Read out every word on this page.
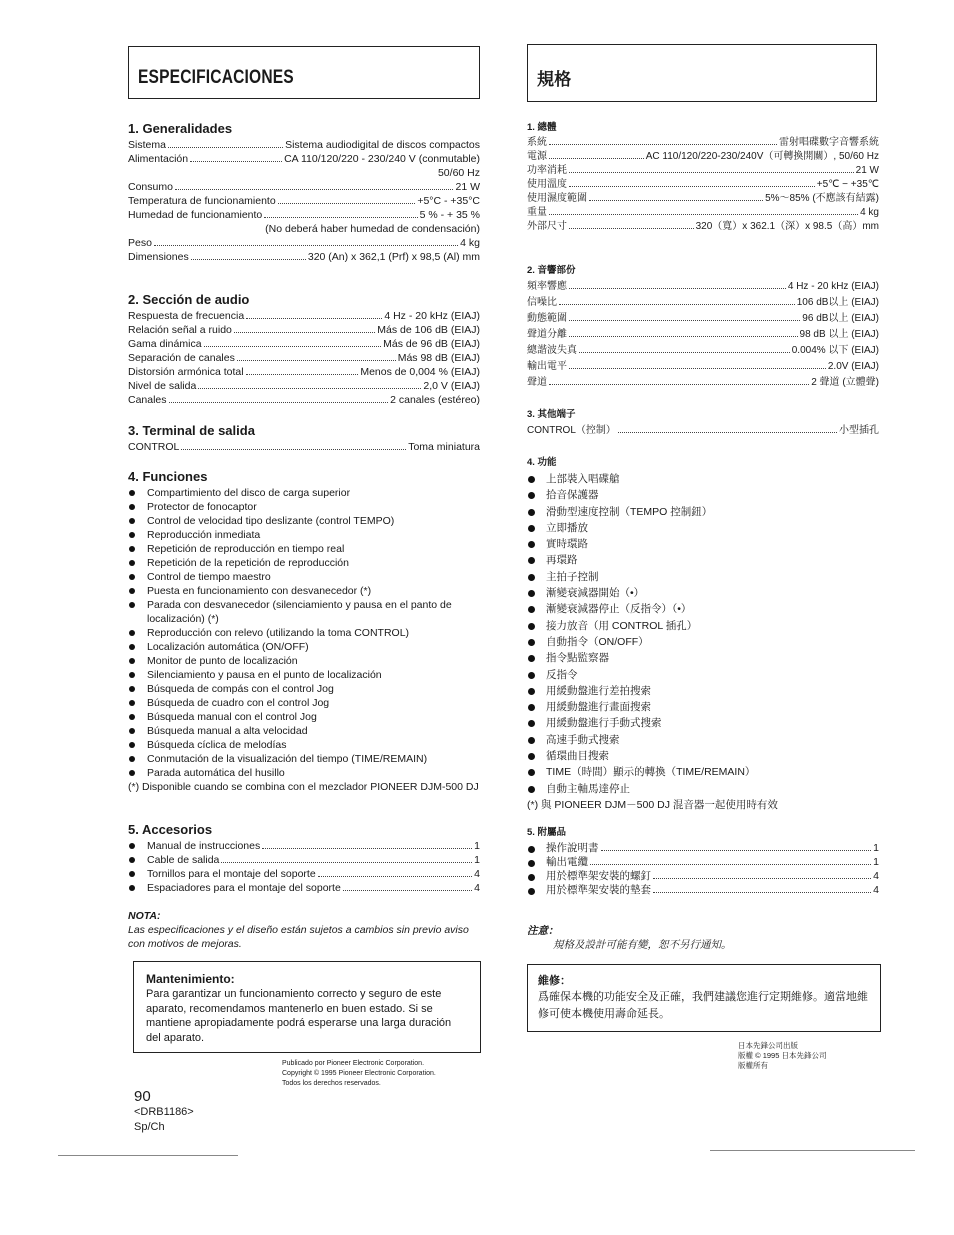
ESPECIFICACIONES
1. Generalidades
Sistema	Sistema audiodigital de discos compactos
Alimentación	CA 110/120/220 - 230/240 V (conmutable)
50/60 Hz
Consumo	21 W
Temperatura de funcionamiento	+5°C - +35°C
Humedad de funcionamiento	5 % - + 35 %
(No deberá haber humedad de condensación)
Peso	4 kg
Dimensiones	320 (An) x 362,1 (Prf) x 98,5 (Al) mm
2. Sección de audio
Respuesta de frecuencia	4 Hz - 20 kHz (EIAJ)
Relación señal a ruido	Más de 106 dB (EIAJ)
Gama dinámica	Más de 96 dB (EIAJ)
Separación de canales	Más 98 dB (EIAJ)
Distorsión armónica total	Menos de 0,004 % (EIAJ)
Nivel de salida	2,0 V (EIAJ)
Canales	2 canales (estéreo)
3. Terminal de salida
CONTROL	Toma miniatura
4. Funciones
Compartimiento del disco de carga superior
Protector de fonocaptor
Control de velocidad tipo deslizante (control TEMPO)
Reproducción inmediata
Repetición de reproducción en tiempo real
Repetición de la repetición de reproducción
Control de tiempo maestro
Puesta en funcionamiento con desvanecedor (*)
Parada con desvanecedor (silenciamiento y pausa en el panto de localización) (*)
Reproducción con relevo (utilizando la toma CONTROL)
Localización automática (ON/OFF)
Monitor de punto de localización
Silenciamiento y pausa en el punto de localización
Búsqueda de compás con el control Jog
Búsqueda de cuadro con el control Jog
Búsqueda manual con el control Jog
Búsqueda manual a alta velocidad
Búsqueda cíclica de melodías
Conmutación de la visualización del tiempo (TIME/REMAIN)
Parada automática del husillo
(*) Disponible cuando se combina con el mezclador PIONEER DJM-500 DJ
5. Accesorios
Manual de instrucciones	1
Cable de salida	1
Tornillos para el montaje del soporte	4
Espaciadores para el montaje del soporte	4
NOTA:
Las especificaciones y el diseño están sujetos a cambios sin previo aviso con motivos de mejoras.
Mantenimiento:
Para garantizar un funcionamiento correcto y seguro de este aparato, recomendamos mantenerlo en buen estado. Si se mantiene apropiadamente podrá esperarse una larga duración del aparato.
Publicado por Pioneer Electronic Corporation.
Copyright © 1995 Pioneer Electronic Corporation.
Todos los derechos reservados.
90
<DRB1186>
Sp/Ch
規格
1. 總體
系統	雷射唱碟數字音響系統
電源	AC 110/120/220-230/240V（可轉換開關）, 50/60 Hz
功率消耗	21 W
使用溫度	+5℃ − +35℃
使用濕度範圍	5%〜85% (不應該有結露)
重量	4 kg
外部尺寸	320（寬）x 362.1（深）x 98.5（高）mm
2. 音響部份
頻率響應	4 Hz - 20 kHz (EIAJ)
信噪比	106 dB以上 (EIAJ)
動態範圍	96 dB以上 (EIAJ)
聲道分離	98 dB 以上 (EIAJ)
總諧波失真	0.004% 以下 (EIAJ)
輸出電平	2.0V (EIAJ)
聲道	2 聲道 (立體聲)
3. 其他端子
CONTROL（控制）	小型插孔
4. 功能
上部裝入唱碟艙
拾音保護器
滑動型速度控制（TEMPO 控制鈕）
立即播放
實時環路
再環路
主拍子控制
漸變衰減器開始（•）
漸變衰減器停止（反指令）（•）
接力放音（用 CONTROL 插孔）
自動指令（ON/OFF）
指令點監察器
反指令
用緩動盤進行差拍搜索
用緩動盤進行畫面搜索
用緩動盤進行手動式搜索
高速手動式搜索
循環曲目搜索
TIME（時間）顯示的轉換（TIME/REMAIN）
自動主軸馬達停止
(*) 與 PIONEER DJM－500 DJ 混音器一起使用時有效
5. 附屬品
操作說明書	1
輸出電纜	1
用於標準架安裝的螺釘	4
用於標準架安裝的墊套	4
注意：
規格及設計可能有變，恕不另行通知。
維修：
爲確保本機的功能安全及正確，我們建議您進行定期維修。適當地維修可使本機使用壽命延長。
日本先鋒公司出版
版權 © 1995 日本先鋒公司
版權所有
